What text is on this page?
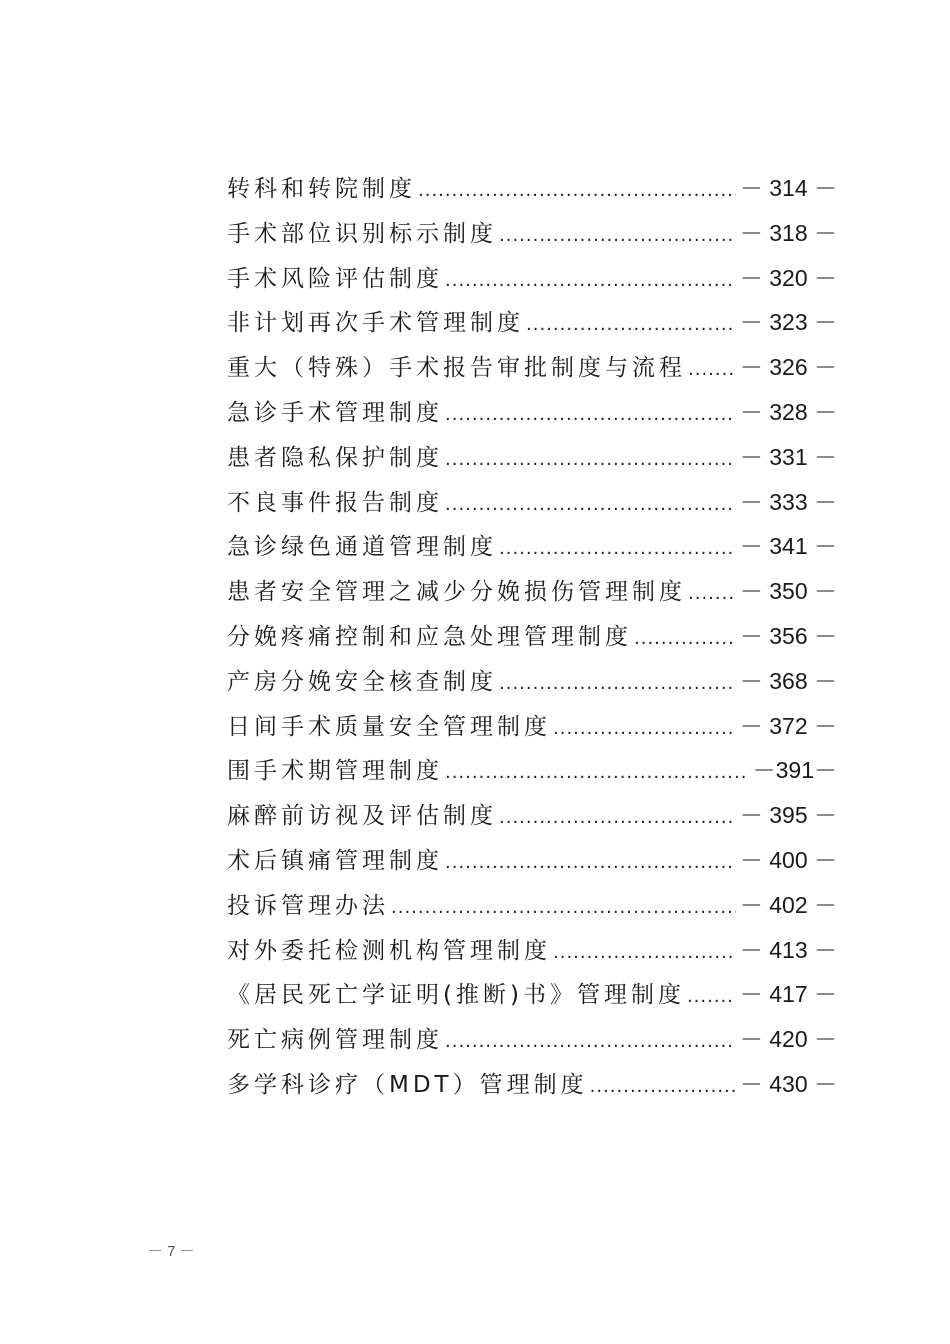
转科和转院制度 .....	－ 314 －
手术部位识别标示制度 .....	－ 318 －
手术风险评估制度 .....	－ 320 －
非计划再次手术管理制度 .....	－ 323 －
重大（特殊）手术报告审批制度与流程 ..... － 326 －
急诊手术管理制度 .....	－ 328 －
患者隐私保护制度 .....	－ 331 －
不良事件报告制度 .....	－ 333 －
急诊绿色通道管理制度 .....	－ 341 －
患者安全管理之减少分娩损伤管理制度 ..... － 350 －
分娩疼痛控制和应急处理管理制度 .....	－ 356 －
产房分娩安全核查制度 .....	－ 368 －
日间手术质量安全管理制度 .....	－ 372 －
围手术期管理制度 .....	－391－
麻醉前访视及评估制度 .....	－ 395 －
术后镇痛管理制度 .....	－ 400 －
投诉管理办法 .....	－ 402 －
对外委托检测机构管理制度 .....	－ 413 －
《居民死亡学证明(推断)书》管理制度 ..... － 417 －
死亡病例管理制度 .....	－ 420 －
多学科诊疗（MDT）管理制度 .....	－ 430 －
－ 7 －
